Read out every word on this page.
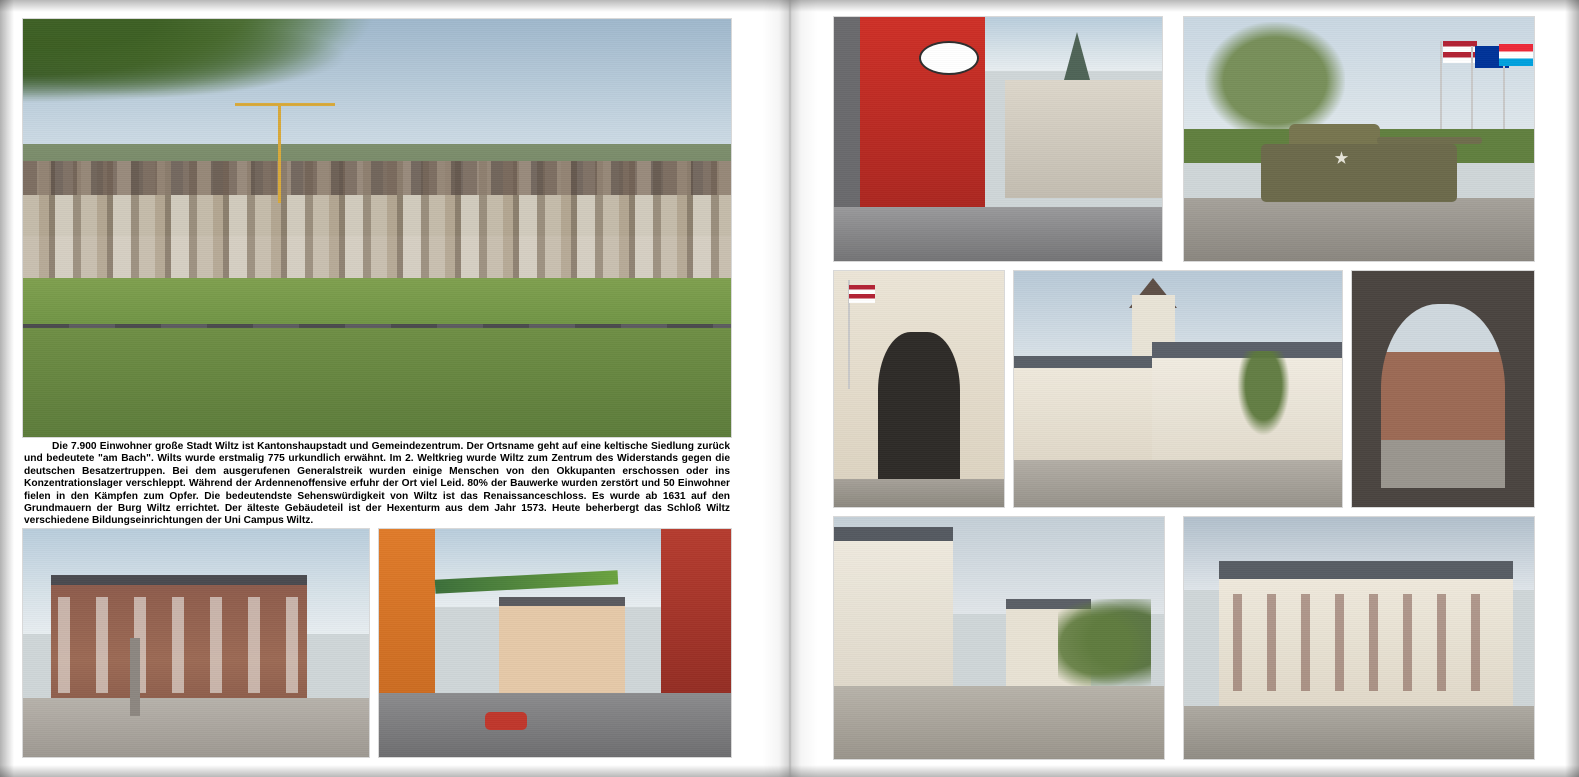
Die 7.900 Einwohner große Stadt Wiltz ist Kantonshaupstadt und Gemeindezentrum. Der Ortsname geht auf eine keltische Siedlung zurück und bedeutete "am Bach". Wilts wurde erstmalig 775 urkundlich erwähnt. Im 2. Weltkrieg wurde Wiltz zum Zentrum des Widerstands gegen die deutschen Besatzertruppen. Bei dem ausgerufenen Generalstreik wurden einige Menschen von den Okkupanten erschossen oder ins Konzentrationslager verschleppt. Während der Ardennenoffensive erfuhr der Ort viel Leid. 80% der Bauwerke wurden zerstört und 50 Einwohner fielen in den Kämpfen zum Opfer. Die bedeutendste Sehenswürdigkeit von Wiltz ist das Renaissanceschloss. Es wurde ab 1631 auf den Grundmauern der Burg Wiltz errichtet. Der älteste Gebäudeteil ist der Hexenturm aus dem Jahr 1573. Heute beherbergt das Schloß Wiltz verschiedene Bildungseinrichtungen der Uni Campus Wiltz.
